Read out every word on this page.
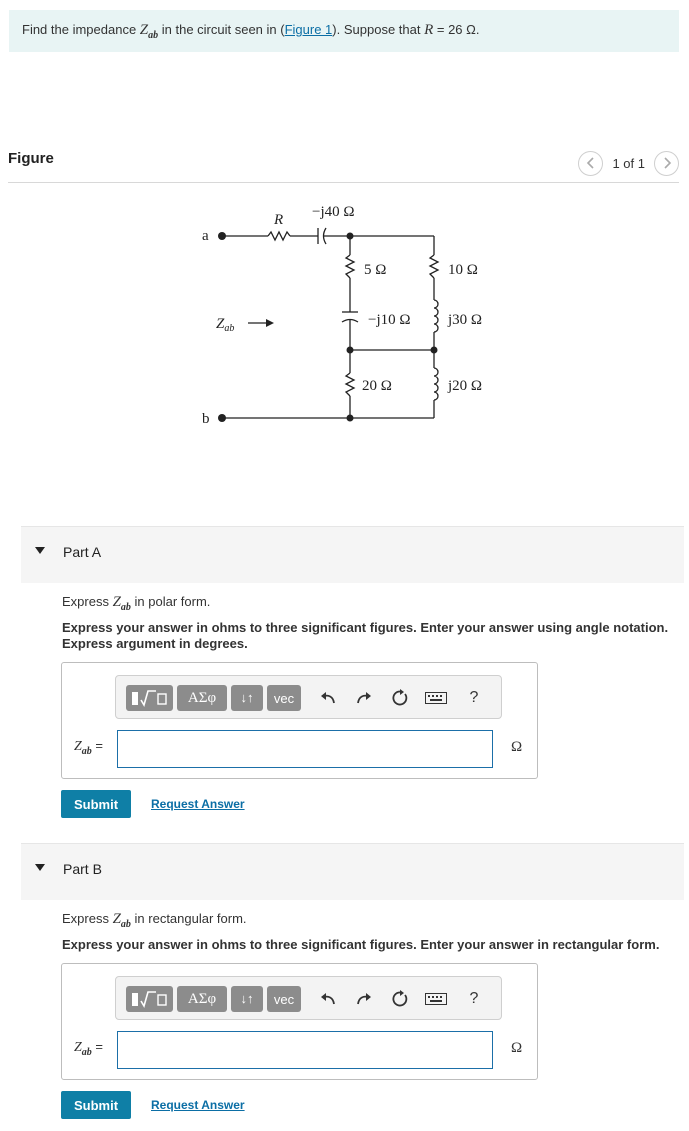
Find the impedance $Z_{ab}$ in the circuit seen in (Figure 1). Suppose that R = 26 Ω.
Figure	1 of 1
a
b
R −j40 Ω
5 Ω	10 Ω
−j10 Ω j30 Ω
20 Ω	j20 Ω
$Z_{ab}$
Part A
Express $Z_{ab}$ in polar form.
Express your answer in ohms to three significant figures. Enter your answer using angle notation. Express argument in degrees.
ΑΣφ	↓↑	vec	?
$Z_{ab}$ =	Ω
Submit	Request Answer
Part B
Express $Z_{ab}$ in rectangular form.
Express your answer in ohms to three significant figures. Enter your answer in rectangular form.
ΑΣφ	↓↑	vec	?
$Z_{ab}$ =	Ω
Submit	Request Answer
